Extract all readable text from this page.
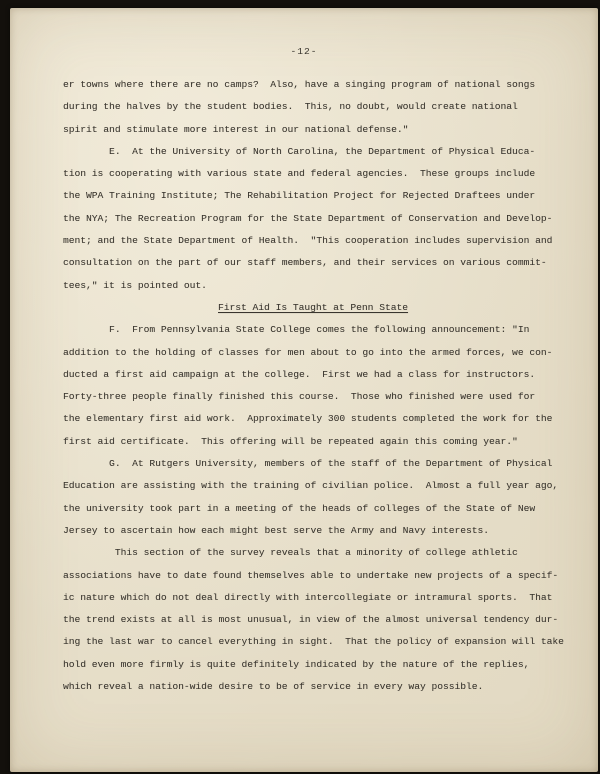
-12-
er towns where there are no camps?  Also, have a singing program of national songs
during the halves by the student bodies.  This, no doubt, would create national
spirit and stimulate more interest in our national defense."
E.  At the University of North Carolina, the Department of Physical Educa-
tion is cooperating with various state and federal agencies.  These groups include
the WPA Training Institute; The Rehabilitation Project for Rejected Draftees under
the NYA; The Recreation Program for the State Department of Conservation and Develop-
ment; and the State Department of Health.  "This cooperation includes supervision and
consultation on the part of our staff members, and their services on various commit-
tees," it is pointed out.
First Aid Is Taught at Penn State
F.  From Pennsylvania State College comes the following announcement: "In
addition to the holding of classes for men about to go into the armed forces, we con-
ducted a first aid campaign at the college.  First we had a class for instructors.
Forty-three people finally finished this course.  Those who finished were used for
the elementary first aid work.  Approximately 300 students completed the work for the
first aid certificate.  This offering will be repeated again this coming year."
G.  At Rutgers University, members of the staff of the Department of Physical
Education are assisting with the training of civilian police.  Almost a full year ago,
the university took part in a meeting of the heads of colleges of the State of New
Jersey to ascertain how each might best serve the Army and Navy interests.
This section of the survey reveals that a minority of college athletic
associations have to date found themselves able to undertake new projects of a specif-
ic nature which do not deal directly with intercollegiate or intramural sports.  That
the trend exists at all is most unusual, in view of the almost universal tendency dur-
ing the last war to cancel everything in sight.  That the policy of expansion will take
hold even more firmly is quite definitely indicated by the nature of the replies,
which reveal a nation-wide desire to be of service in every way possible.
